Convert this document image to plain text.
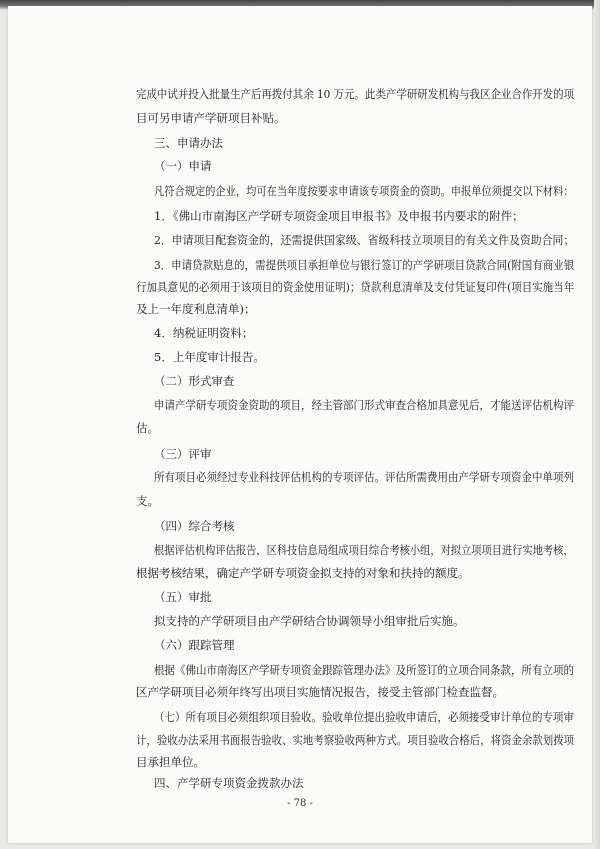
完成中试并投入批量生产后再拨付其余 10 万元。此类产学研研发机构与我区企业合作开发的项
目可另申请产学研项目补贴。
三、申请办法
（一）申请
凡符合规定的企业，均可在当年度按要求申请该专项资金的资助。申报单位须提交以下材料：
1．《佛山市南海区产学研专项资金项目申报书》及申报书内要求的附件；
2．申请项目配套资金的，还需提供国家级、省级科技立项项目的有关文件及资助合同；
3．申请贷款贴息的，需提供项目承担单位与银行签订的产学研项目贷款合同(附国有商业银
行加具意见的必须用于该项目的资金使用证明)；贷款利息清单及支付凭证复印件(项目实施当年
及上一年度利息清单)；
4．纳税证明资料；
5．上年度审计报告。
（二）形式审查
申请产学研专项资金资助的项目，经主管部门形式审查合格加具意见后，才能送评估机构评
估。
（三）评审
所有项目必须经过专业科技评估机构的专项评估。评估所需费用由产学研专项资金中单项列
支。
（四）综合考核
根据评估机构评估报告，区科技信息局组成项目综合考核小组，对拟立项项目进行实地考核，
根据考核结果，确定产学研专项资金拟支持的对象和扶持的额度。
（五）审批
拟支持的产学研项目由产学研结合协调领导小组审批后实施。
（六）跟踪管理
根据《佛山市南海区产学研专项资金跟踪管理办法》及所签订的立项合同条款，所有立项的
区产学研项目必须年终写出项目实施情况报告，接受主管部门检查监督。
（七）所有项目必须组织项目验收。验收单位提出验收申请后，必须接受审计单位的专项审
计，验收办法采用书面报告验收、实地考察验收两种方式。项目验收合格后，将资金余款划拨项
目承担单位。
四、产学研专项资金拨款办法
- 78 -
